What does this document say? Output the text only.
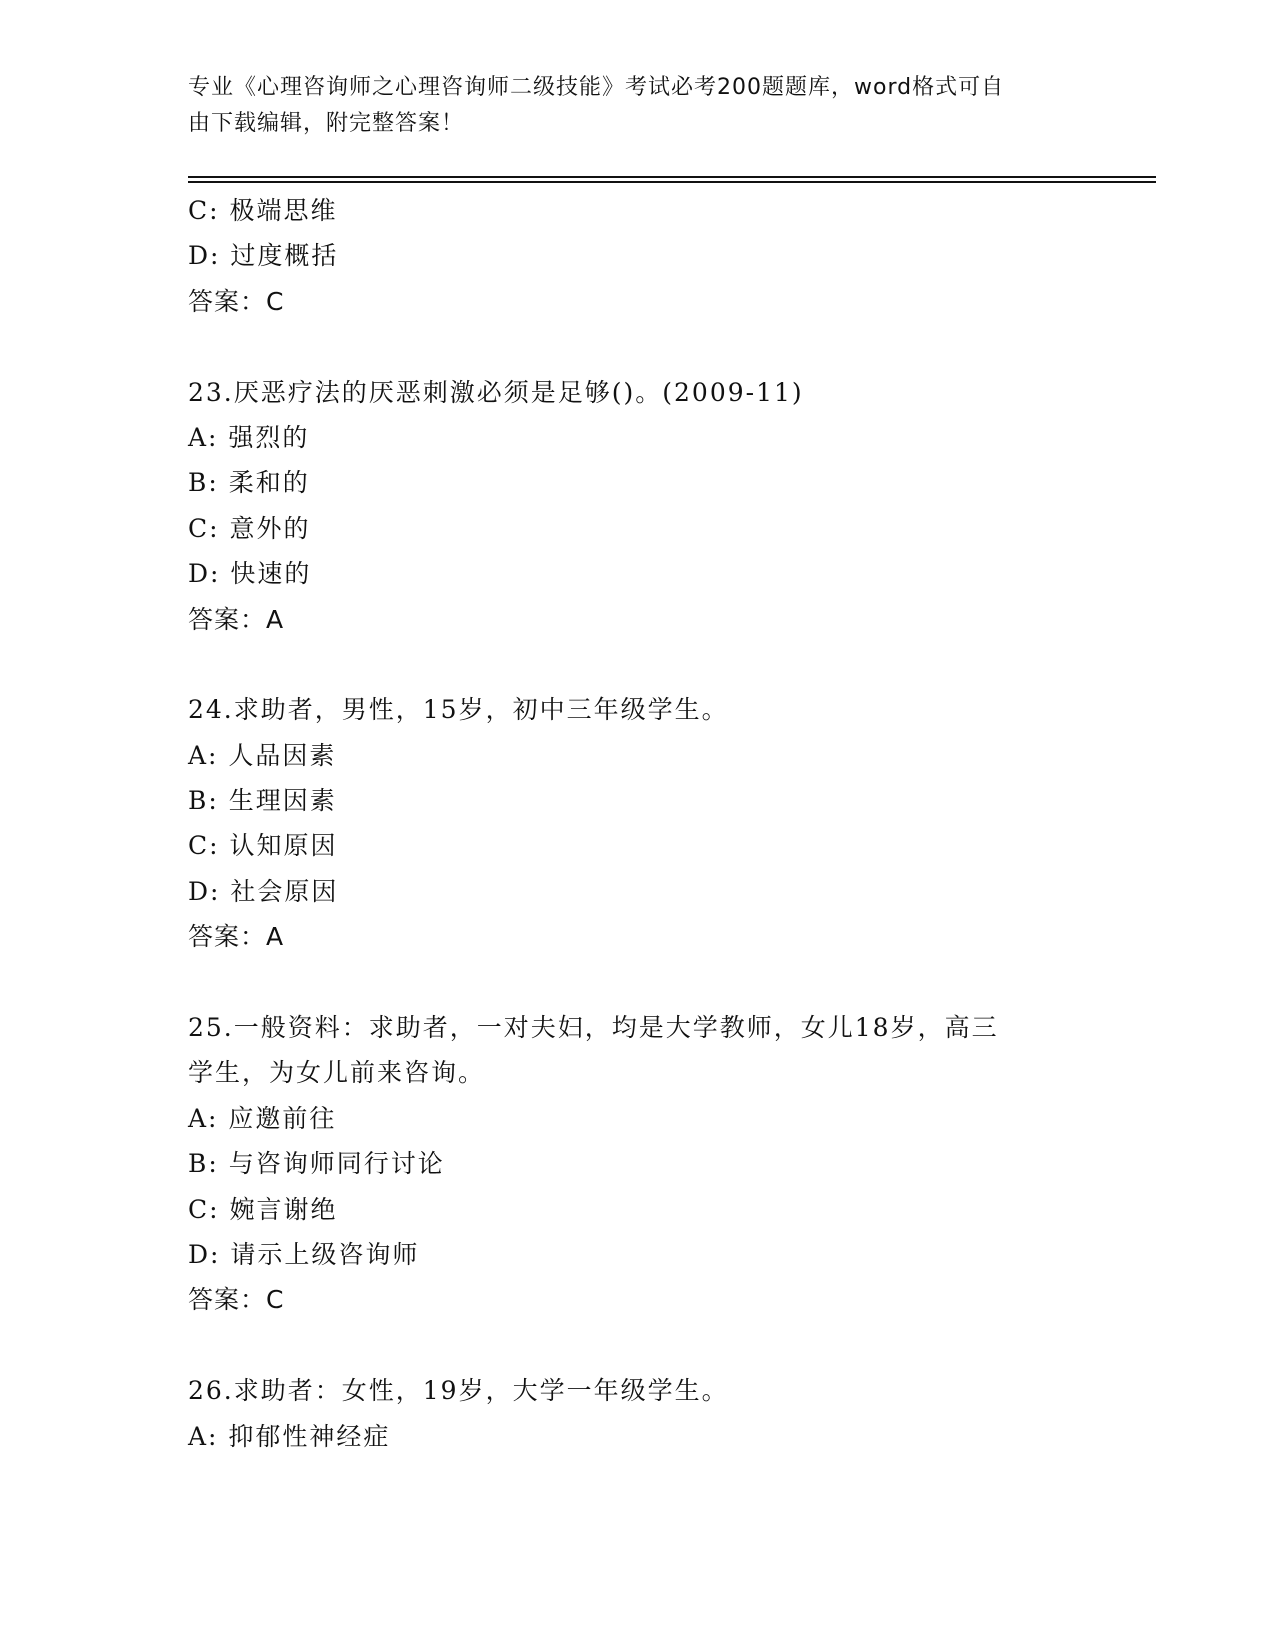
专业《心理咨询师之心理咨询师二级技能》考试必考200题题库，word格式可自
由下载编辑，附完整答案！
C: 极端思维
D: 过度概括
答案：C
23.厌恶疗法的厌恶刺激必须是足够()。(2009-11)
A: 强烈的
B: 柔和的
C: 意外的
D: 快速的
答案：A
24.求助者，男性，15岁，初中三年级学生。
A: 人品因素
B: 生理因素
C: 认知原因
D: 社会原因
答案：A
25.一般资料：求助者，一对夫妇，均是大学教师，女儿18岁，高三
学生，为女儿前来咨询。
A: 应邀前往
B: 与咨询师同行讨论
C: 婉言谢绝
D: 请示上级咨询师
答案：C
26.求助者：女性，19岁，大学一年级学生。
A: 抑郁性神经症
